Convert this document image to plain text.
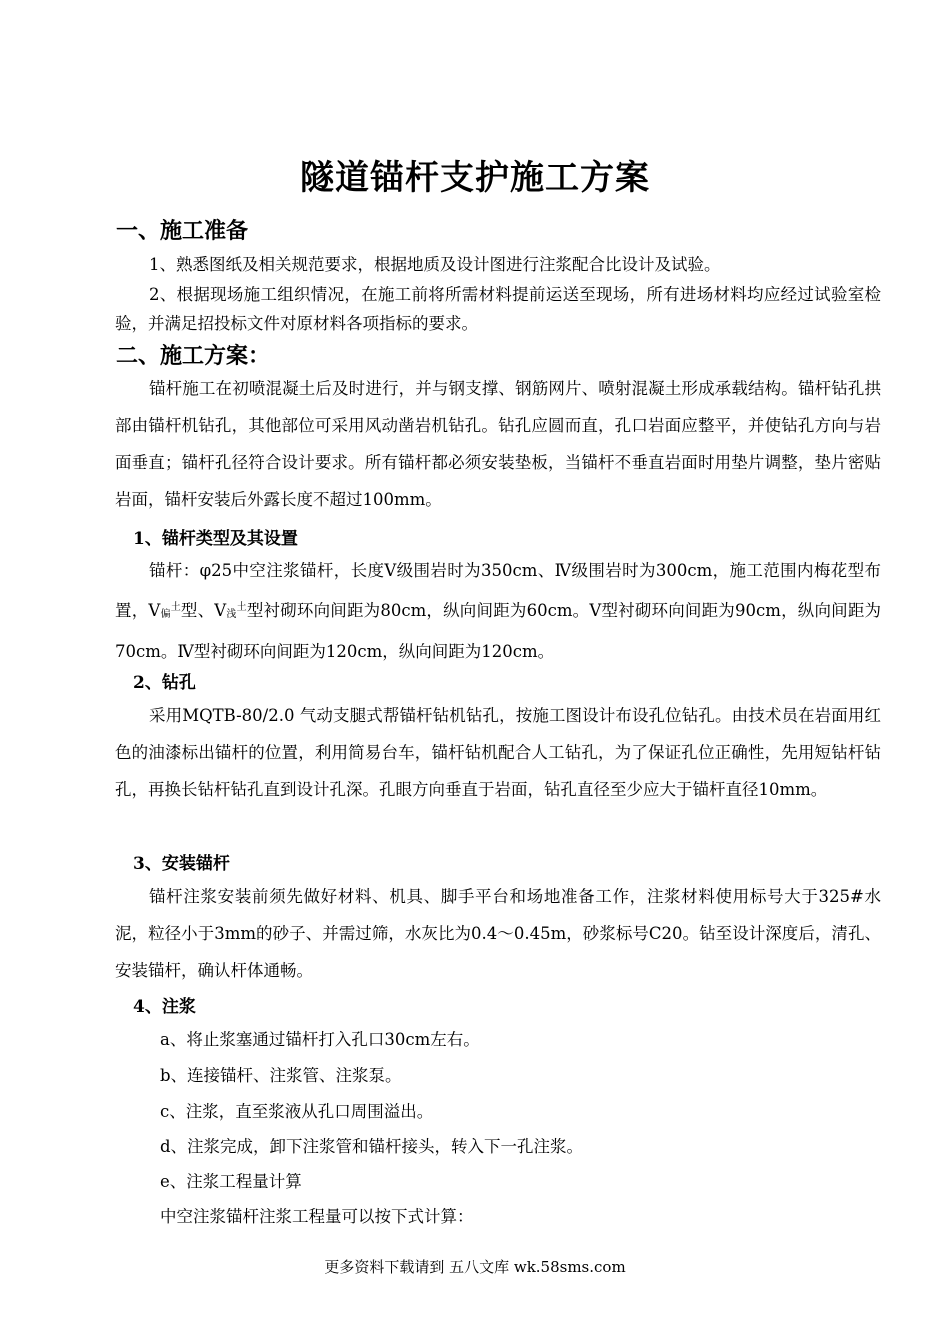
隧道锚杆支护施工方案
一、施工准备
1、熟悉图纸及相关规范要求，根据地质及设计图进行注浆配合比设计及试验。
2、根据现场施工组织情况，在施工前将所需材料提前运送至现场，所有进场材料均应经过试验室检验，并满足招投标文件对原材料各项指标的要求。
二、施工方案：
锚杆施工在初喷混凝土后及时进行，并与钢支撑、钢筋网片、喷射混凝土形成承载结构。锚杆钻孔拱部由锚杆机钻孔，其他部位可采用风动凿岩机钻孔。钻孔应圆而直，孔口岩面应整平，并使钻孔方向与岩面垂直；锚杆孔径符合设计要求。所有锚杆都必须安装垫板，当锚杆不垂直岩面时用垫片调整，垫片密贴岩面，锚杆安装后外露长度不超过100mm。
1、锚杆类型及其设置
锚杆：φ25中空注浆锚杆，长度Ⅴ级围岩时为350cm、Ⅳ级围岩时为300cm，施工范围内梅花型布置，$Ⅴ_偏^土$型、$Ⅴ_浅^土$型衬砌环向间距为80cm，纵向间距为60cm。Ⅴ型衬砌环向间距为90cm，纵向间距为70cm。Ⅳ型衬砌环向间距为120cm，纵向间距为120cm。
2、钻孔
采用MQTB-80/2.0 气动支腿式帮锚杆钻机钻孔，按施工图设计布设孔位钻孔。由技术员在岩面用红色的油漆标出锚杆的位置，利用简易台车，锚杆钻机配合人工钻孔，为了保证孔位正确性，先用短钻杆钻孔，再换长钻杆钻孔直到设计孔深。孔眼方向垂直于岩面，钻孔直径至少应大于锚杆直径10mm。
3、安装锚杆
锚杆注浆安装前须先做好材料、机具、脚手平台和场地准备工作，注浆材料使用标号大于325#水泥，粒径小于3mm的砂子、并需过筛，水灰比为0.4～0.45m，砂浆标号C20。钻至设计深度后，清孔、安装锚杆，确认杆体通畅。
4、注浆
a、将止浆塞通过锚杆打入孔口30cm左右。
b、连接锚杆、注浆管、注浆泵。
c、注浆，直至浆液从孔口周围溢出。
d、注浆完成，卸下注浆管和锚杆接头，转入下一孔注浆。
e、注浆工程量计算
中空注浆锚杆注浆工程量可以按下式计算：
更多资料下载请到 五八文库 wk.58sms.com
